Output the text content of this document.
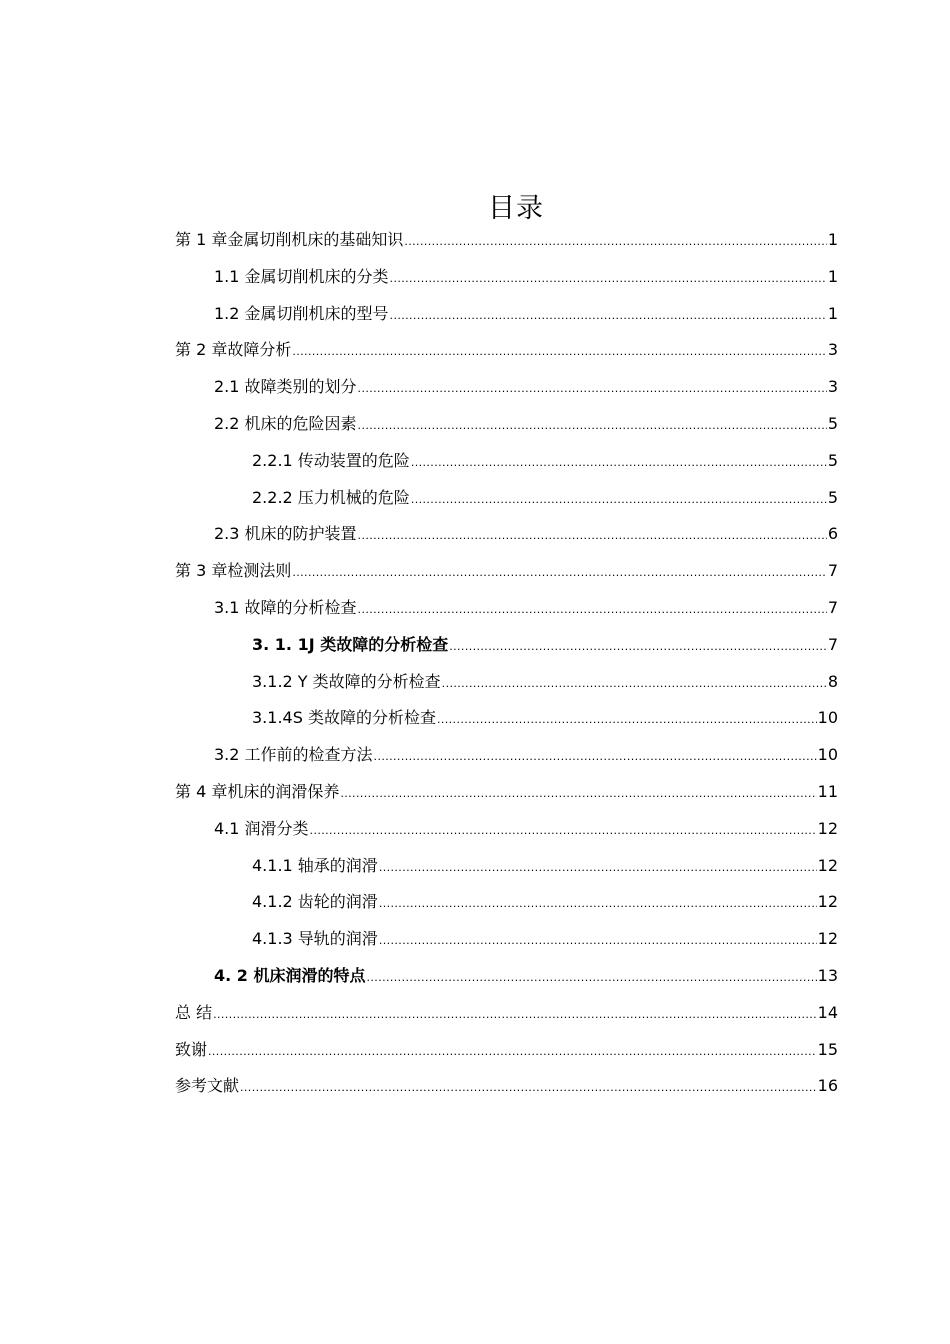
目录
第 1 章金属切削机床的基础知识 .....	1
1.1 金属切削机床的分类 .....	1
1.2 金属切削机床的型号 .....	1
第 2 章故障分析 .....	3
2.1 故障类别的划分 .....	3
2.2 机床的危险因素 .....	5
2.2.1 传动装置的危险 .....	5
2.2.2 压力机械的危险 .....	5
2.3 机床的防护装置 .....	6
第 3 章检测法则 .....	7
3.1 故障的分析检查 .....	7
3. 1. 1J 类故障的分析检查 .....	7
3.1.2 Y 类故障的分析检查 .....	8
3.1.4S 类故障的分析检查 .....	10
3.2 工作前的检查方法 .....	10
第 4 章机床的润滑保养 .....	11
4.1 润滑分类 .....	12
4.1.1 轴承的润滑 .....	12
4.1.2 齿轮的润滑 .....	12
4.1.3 导轨的润滑 .....	12
4. 2 机床润滑的特点 .....	13
总 结 .....	14
致谢 .....	15
参考文献 .....	16
